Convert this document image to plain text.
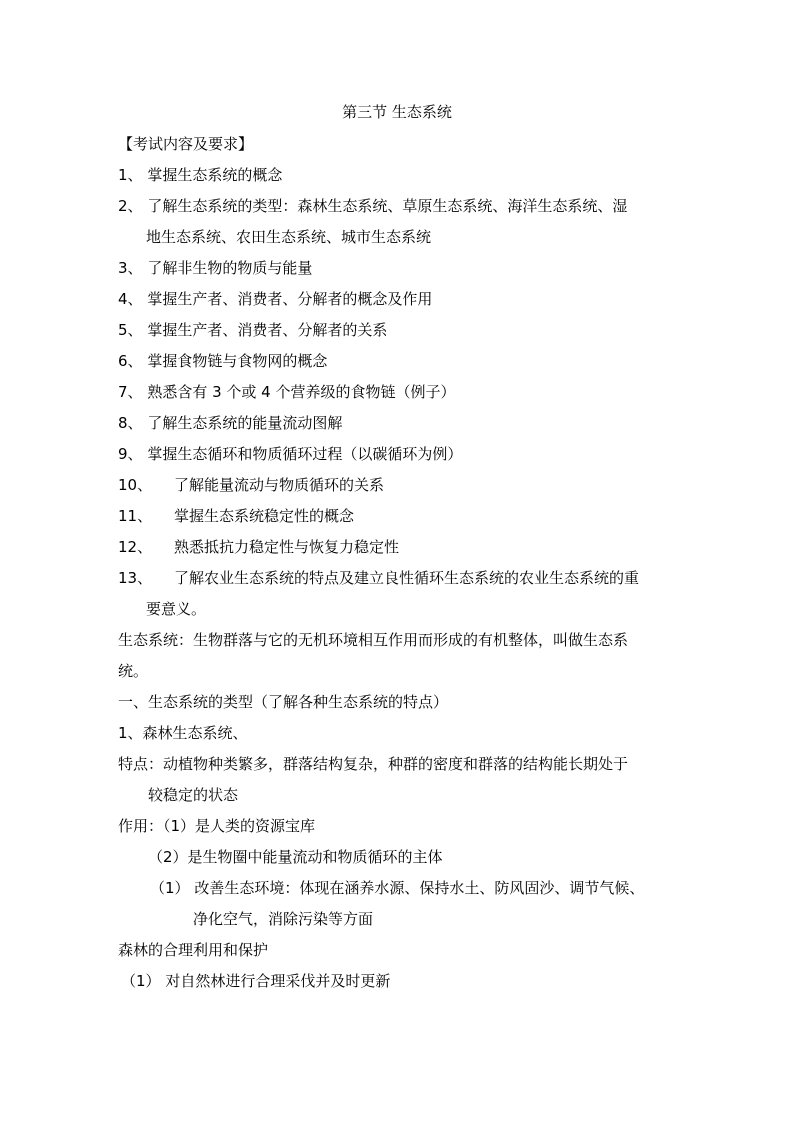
第三节 生态系统
【考试内容及要求】
1、 掌握生态系统的概念
2、 了解生态系统的类型：森林生态系统、草原生态系统、海洋生态系统、湿
地生态系统、农田生态系统、城市生态系统
3、 了解非生物的物质与能量
4、 掌握生产者、消费者、分解者的概念及作用
5、 掌握生产者、消费者、分解者的关系
6、 掌握食物链与食物网的概念
7、 熟悉含有 3 个或 4 个营养级的食物链（例子）
8、 了解生态系统的能量流动图解
9、 掌握生态循环和物质循环过程（以碳循环为例）
10、 了解能量流动与物质循环的关系
11、 掌握生态系统稳定性的概念
12、 熟悉抵抗力稳定性与恢复力稳定性
13、 了解农业生态系统的特点及建立良性循环生态系统的农业生态系统的重
要意义。
生态系统：生物群落与它的无机环境相互作用而形成的有机整体，叫做生态系
统。
一、生态系统的类型（了解各种生态系统的特点）
1、森林生态系统、
特点：动植物种类繁多，群落结构复杂，种群的密度和群落的结构能长期处于
较稳定的状态
作用：（1）是人类的资源宝库
（2）是生物圈中能量流动和物质循环的主体
（1） 改善生态环境：体现在涵养水源、保持水土、防风固沙、调节气候、
净化空气，消除污染等方面
森林的合理利用和保护
（1） 对自然林进行合理采伐并及时更新
